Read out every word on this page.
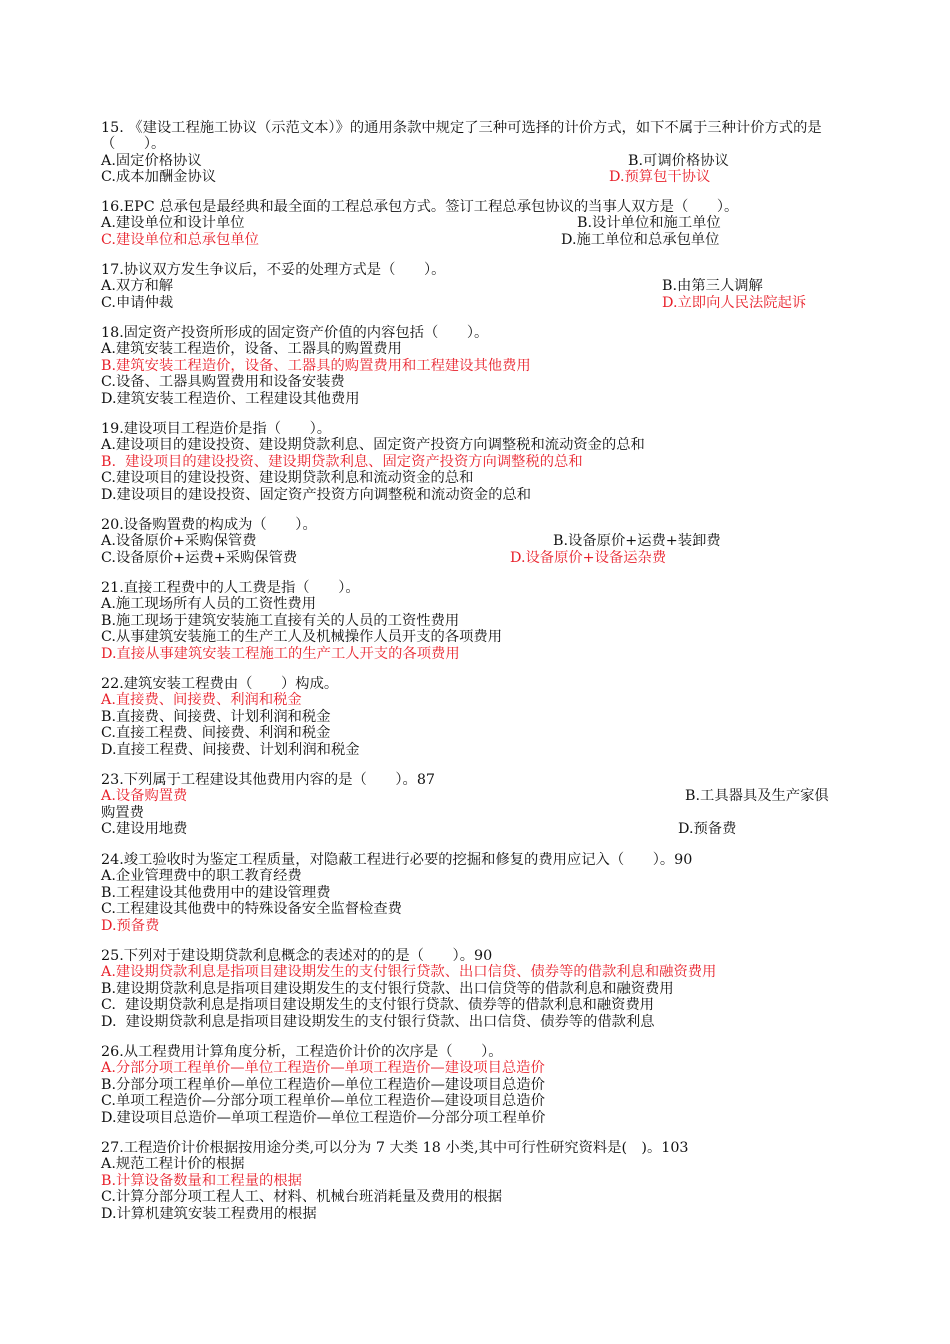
15. 《建设工程施工协议（示范文本）》的通用条款中规定了三种可选择的计价方式，如下不属于三种计价方式的是（　　）。
A.固定价格协议	B.可调价格协议
C.成本加酬金协议	D.预算包干协议
16.EPC 总承包是最经典和最全面的工程总承包方式。签订工程总承包协议的当事人双方是（　　）。
A.建设单位和设计单位	B.设计单位和施工单位
C.建设单位和总承包单位	D.施工单位和总承包单位
17.协议双方发生争议后，不妥的处理方式是（　　）。
A.双方和解	B.由第三人调解
C.申请仲裁	D.立即向人民法院起诉
18.固定资产投资所形成的固定资产价值的内容包括（　　）。
A.建筑安装工程造价，设备、工器具的购置费用
B.建筑安装工程造价，设备、工器具的购置费用和工程建设其他费用
C.设备、工器具购置费用和设备安装费
D.建筑安装工程造价、工程建设其他费用
19.建设项目工程造价是指（　　）。
A.建设项目的建设投资、建设期贷款利息、固定资产投资方向调整税和流动资金的总和
B.  建设项目的建设投资、建设期贷款利息、固定资产投资方向调整税的总和
C.建设项目的建设投资、建设期贷款利息和流动资金的总和
D.建设项目的建设投资、固定资产投资方向调整税和流动资金的总和
20.设备购置费的构成为（　　）。
A.设备原价+采购保管费	B.设备原价+运费+装卸费
C.设备原价+运费+采购保管费	D.设备原价+设备运杂费
21.直接工程费中的人工费是指（　　）。
A.施工现场所有人员的工资性费用
B.施工现场于建筑安装施工直接有关的人员的工资性费用
C.从事建筑安装施工的生产工人及机械操作人员开支的各项费用
D.直接从事建筑安装工程施工的生产工人开支的各项费用
22.建筑安装工程费由（　　）构成。
A.直接费、间接费、利润和税金
B.直接费、间接费、计划利润和税金
C.直接工程费、间接费、利润和税金
D.直接工程费、间接费、计划利润和税金
23.下列属于工程建设其他费用内容的是（　　）。87
A.设备购置费	B.工具器具及生产家俱
购置费
C.建设用地费	D.预备费
24.竣工验收时为鉴定工程质量，对隐蔽工程进行必要的挖掘和修复的费用应记入（　　）。90
A.企业管理费中的职工教育经费
B.工程建设其他费用中的建设管理费
C.工程建设其他费中的特殊设备安全监督检查费
D.预备费
25.下列对于建设期贷款利息概念的表述对的的是（　　）。90
A.建设期贷款利息是指项目建设期发生的支付银行贷款、出口信贷、债券等的借款利息和融资费用
B.建设期贷款利息是指项目建设期发生的支付银行贷款、出口信贷等的借款利息和融资费用
C.  建设期贷款利息是指项目建设期发生的支付银行贷款、债券等的借款利息和融资费用
D.  建设期贷款利息是指项目建设期发生的支付银行贷款、出口信贷、债券等的借款利息
26.从工程费用计算角度分析，工程造价计价的次序是（　　）。
A.分部分项工程单价—单位工程造价—单项工程造价—建设项目总造价
B.分部分项工程单价—单位工程造价—单位工程造价—建设项目总造价
C.单项工程造价—分部分项工程单价—单位工程造价—建设项目总造价
D.建设项目总造价—单项工程造价—单位工程造价—分部分项工程单价
27.工程造价计价根据按用途分类,可以分为 7 大类 18 小类,其中可行性研究资料是(　)。103
A.规范工程计价的根据
B.计算设备数量和工程量的根据
C.计算分部分项工程人工、材料、机械台班消耗量及费用的根据
D.计算机建筑安装工程费用的根据
